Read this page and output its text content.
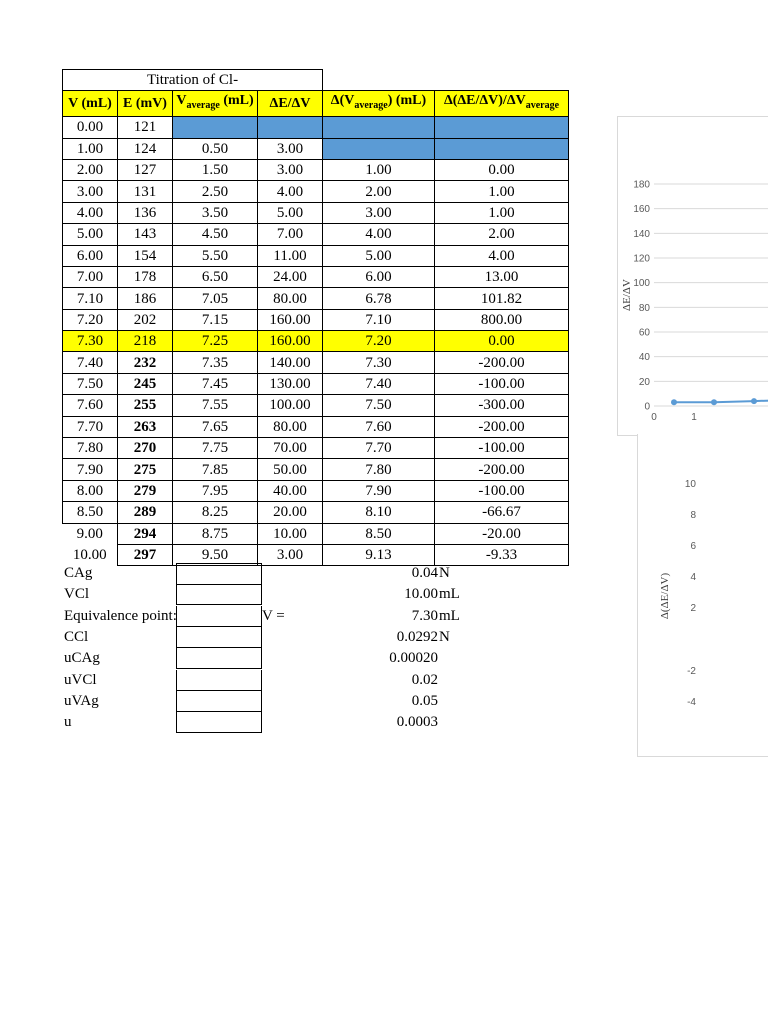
Titration of Cl-					
V (mL)	E (mV)	$V_{average}$ (mL)	ΔE/ΔV	$\Delta(V_{average})$ (mL)	$\Delta(\Delta E/\Delta V)/\Delta V_{average}$
0.00	121				
1.00	124	0.50	3.00		
2.00	127	1.50	3.00	1.00	0.00
3.00	131	2.50	4.00	2.00	1.00
4.00	136	3.50	5.00	3.00	1.00
5.00	143	4.50	7.00	4.00	2.00
6.00	154	5.50	11.00	5.00	4.00
7.00	178	6.50	24.00	6.00	13.00
7.10	186	7.05	80.00	6.78	101.82
7.20	202	7.15	160.00	7.10	800.00
7.30	218	7.25	160.00	7.20	0.00
7.40	232	7.35	140.00	7.30	-200.00
7.50	245	7.45	130.00	7.40	-100.00
7.60	255	7.55	100.00	7.50	-300.00
7.70	263	7.65	80.00	7.60	-200.00
7.80	270	7.75	70.00	7.70	-100.00
7.90	275	7.85	50.00	7.80	-200.00
8.00	279	7.95	40.00	7.90	-100.00
8.50	289	8.25	20.00	8.10	-66.67
9.00	294	8.75	10.00	8.50	-20.00
10.00	297	9.50	3.00	9.13	-9.33
CAg	0.04 N
VCl	10.00 mL
Equivalence point:	V =	7.30 mL
CCl	0.0292 N
uCAg	0.00020
uVCl	0.02
uVAg	0.05
u	0.0003
180
160
140
120
100
80
60
40
20
0
0	1
ΔE/ΔV
10
8
6
4
2
-2
-4
Δ(ΔE/ΔV)
